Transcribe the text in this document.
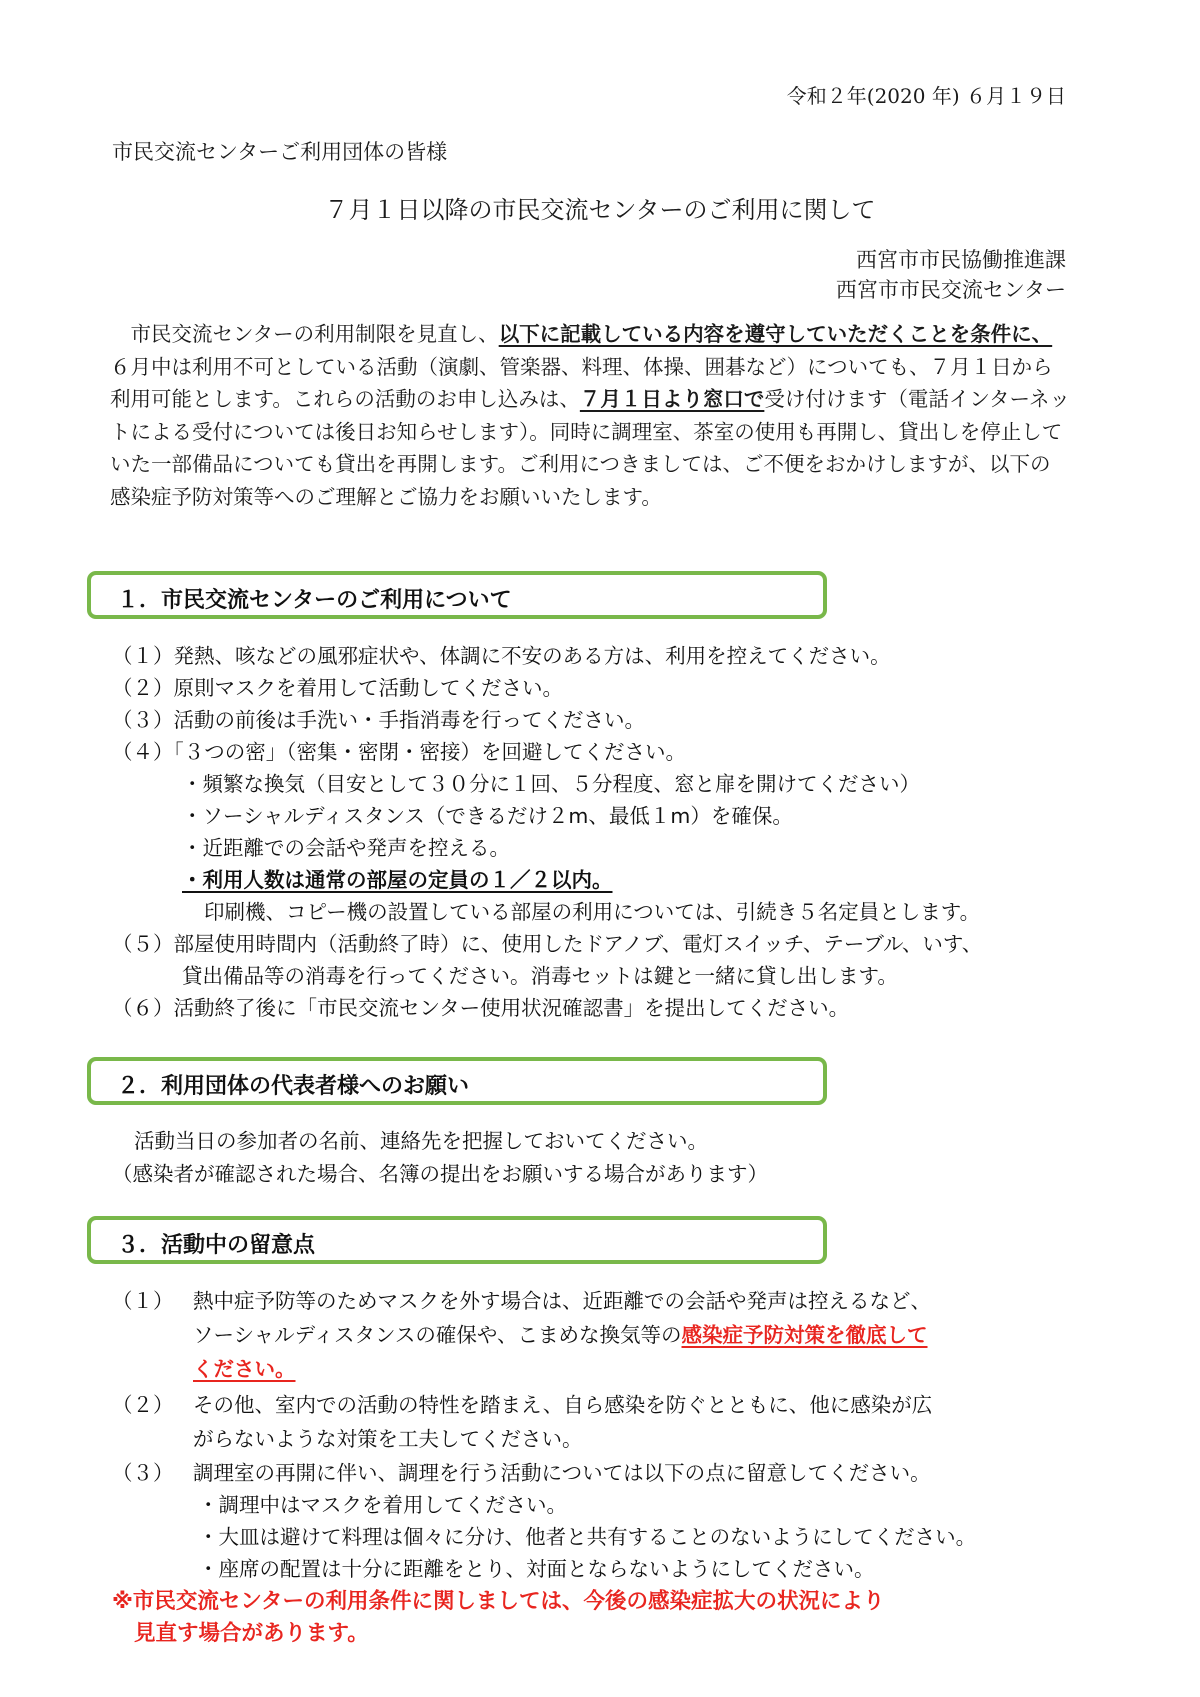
令和２年(2020 年) ６月１９日
市民交流センターご利用団体の皆様
７月１日以降の市民交流センターのご利用に関して
西宮市市民協働推進課
西宮市市民交流センター
 市民交流センターの利用制限を見直し、以下に記載している内容を遵守していただくことを条件に、６月中は利用不可としている活動（演劇、管楽器、料理、体操、囲碁など）についても、７月１日から利用可能とします。これらの活動のお申し込みは、７月１日より窓口で受け付けます（電話インターネットによる受付については後日お知らせします）。同時に調理室、茶室の使用も再開し、貸出しを停止していた一部備品についても貸出を再開します。ご利用につきましては、ご不便をおかけしますが、以下の感染症予防対策等へのご理解とご協力をお願いいたします。
１．市民交流センターのご利用について
（１）発熱、咳などの風邪症状や、体調に不安のある方は、利用を控えてください。
（２）原則マスクを着用して活動してください。
（３）活動の前後は手洗い・手指消毒を行ってください。
（４）「３つの密」（密集・密閉・密接）を回避してください。
・頻繁な換気（目安として３０分に１回、５分程度、窓と扉を開けてください）
・ソーシャルディスタンス（できるだけ２m、最低１m）を確保。
・近距離での会話や発声を控える。
・利用人数は通常の部屋の定員の１／２以内。
印刷機、コピー機の設置している部屋の利用については、引続き５名定員とします。
（５）部屋使用時間内（活動終了時）に、使用したドアノブ、電灯スイッチ、テーブル、いす、
貸出備品等の消毒を行ってください。消毒セットは鍵と一緒に貸し出します。
（６）活動終了後に「市民交流センター使用状況確認書」を提出してください。
２．利用団体の代表者様へのお願い
活動当日の参加者の名前、連絡先を把握しておいてください。
（感染者が確認された場合、名簿の提出をお願いする場合があります）
３．活動中の留意点
（１） 熱中症予防等のためマスクを外す場合は、近距離での会話や発声は控えるなど、
ソーシャルディスタンスの確保や、こまめな換気等の感染症予防対策を徹底して
ください。
（２） その他、室内での活動の特性を踏まえ、自ら感染を防ぐとともに、他に感染が広
がらないような対策を工夫してください。
（３） 調理室の再開に伴い、調理を行う活動については以下の点に留意してください。
・調理中はマスクを着用してください。
・大皿は避けて料理は個々に分け、他者と共有することのないようにしてください。
・座席の配置は十分に距離をとり、対面とならないようにしてください。
※市民交流センターの利用条件に関しましては、今後の感染症拡大の状況により
見直す場合があります。
